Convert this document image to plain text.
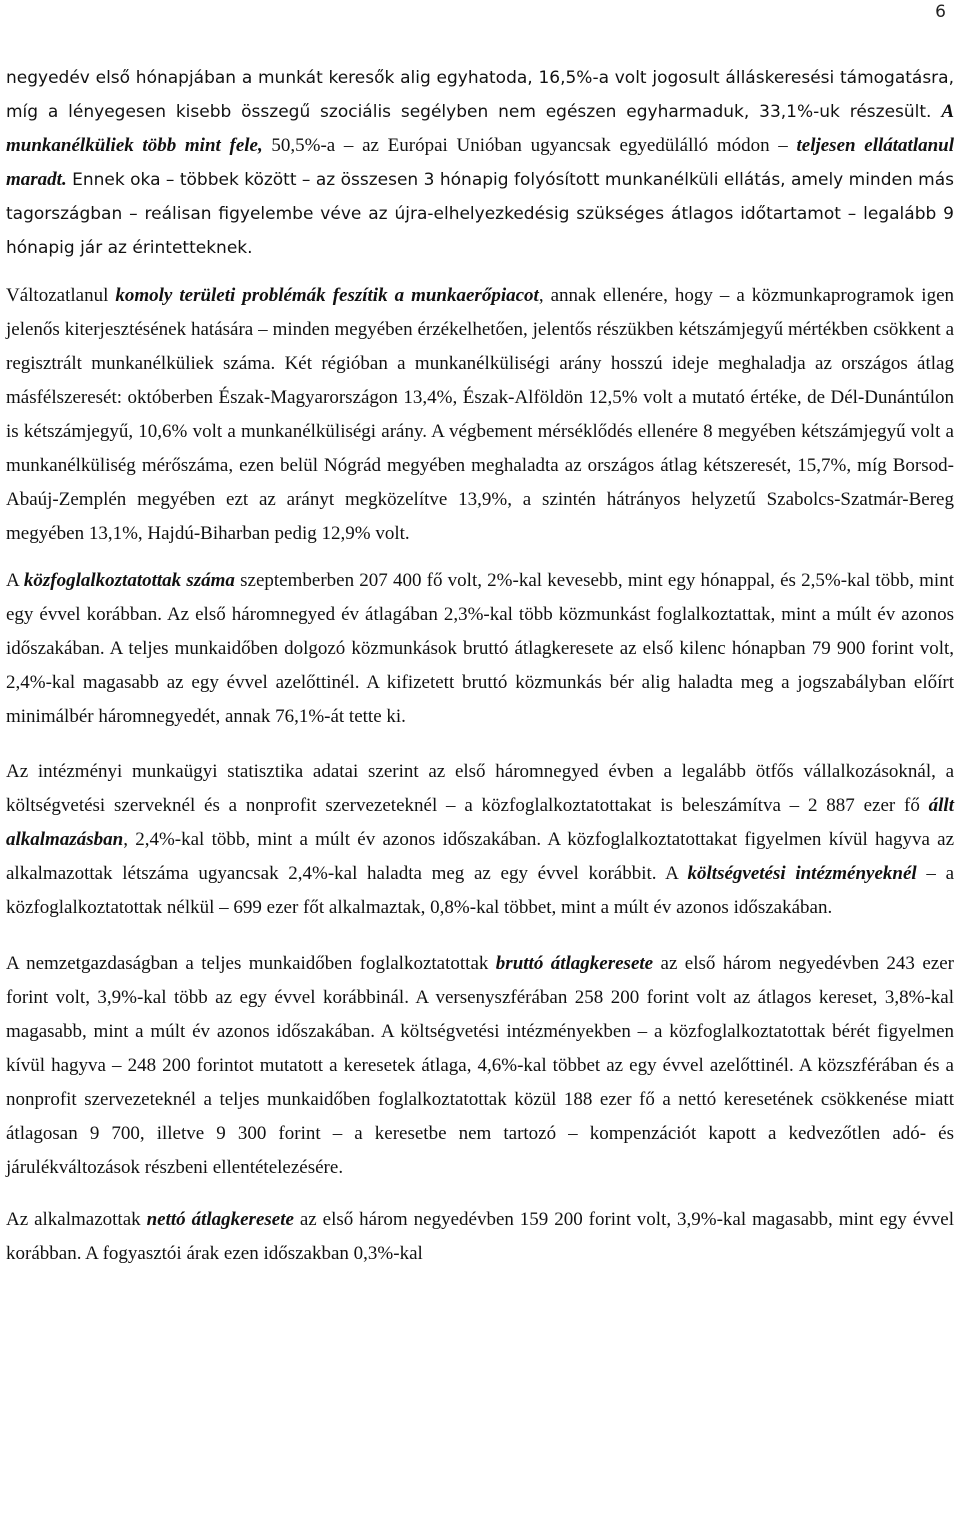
6

negyedév első hónapjában a munkát keresők alig egyhatoda, 16,5%-a volt jogosult álláskeresési támogatásra, míg a lényegesen kisebb összegű szociális segélyben nem egészen egyharmaduk, 33,1%-uk részesült. A munkanélküliek több mint fele, 50,5%-a – az Európai Unióban ugyancsak egyedülálló módon – teljesen ellátatlanul maradt. Ennek oka – többek között – az összesen 3 hónapig folyósított munkanélküli ellátás, amely minden más tagországban – reálisan figyelembe véve az újra-elhelyezkedésig szükséges átlagos időtartamot – legalább 9 hónapig jár az érintetteknek.

Változatlanul komoly területi problémák feszítik a munkaerőpiacot, annak ellenére, hogy – a közmunkaprogramok igen jelenős kiterjesztésének hatására – minden megyében érzékelhetően, jelentős részükben kétszámjegyű mértékben csökkent a regisztrált munkanélküliek száma. Két régióban a munkanélküliségi arány hosszú ideje meghaladja az országos átlag másfélszeresét: októberben Észak-Magyarországon 13,4%, Észak-Alföldön 12,5% volt a mutató értéke, de Dél-Dunántúlon is kétszámjegyű, 10,6% volt a munkanélküliségi arány. A végbement mérséklődés ellenére 8 megyében kétszámjegyű volt a munkanélküliség mérőszáma, ezen belül Nógrád megyében meghaladta az országos átlag kétszeresét, 15,7%, míg Borsod-Abaúj-Zemplén megyében ezt az arányt megközelítve 13,9%, a szintén hátrányos helyzetű Szabolcs-Szatmár-Bereg megyében 13,1%, Hajdú-Biharban pedig 12,9% volt.

A közfoglalkoztatottak száma szeptemberben 207 400 fő volt, 2%-kal kevesebb, mint egy hónappal, és 2,5%-kal több, mint egy évvel korábban. Az első háromnegyed év átlagában 2,3%-kal több közmunkást foglalkoztattak, mint a múlt év azonos időszakában. A teljes munkaidőben dolgozó közmunkások bruttó átlagkeresete az első kilenc hónapban 79 900 forint volt, 2,4%-kal magasabb az egy évvel azelőttinél. A kifizetett bruttó közmunkás bér alig haladta meg a jogszabályban előírt minimálbér háromnegyedét, annak 76,1%-át tette ki.

Az intézményi munkaügyi statisztika adatai szerint az első háromnegyed évben a legalább ötfős vállalkozásoknál, a költségvetési szerveknél és a nonprofit szervezeteknél – a közfoglalkoztatottakat is beleszámítva – 2 887 ezer fő állt alkalmazásban, 2,4%-kal több, mint a múlt év azonos időszakában. A közfoglalkoztatottakat figyelmen kívül hagyva az alkalmazottak létszáma ugyancsak 2,4%-kal haladta meg az egy évvel korábbit. A költségvetési intézményeknél – a közfoglalkoztatottak nélkül – 699 ezer főt alkalmaztak, 0,8%-kal többet, mint a múlt év azonos időszakában.

A nemzetgazdaságban a teljes munkaidőben foglalkoztatottak bruttó átlagkeresete az első három negyedévben 243 ezer forint volt, 3,9%-kal több az egy évvel korábbinál. A versenyszférában 258 200 forint volt az átlagos kereset, 3,8%-kal magasabb, mint a múlt év azonos időszakában. A költségvetési intézményekben – a közfoglalkoztatottak bérét figyelmen kívül hagyva – 248 200 forintot mutatott a keresetek átlaga, 4,6%-kal többet az egy évvel azelőttinél. A közszférában és a nonprofit szervezeteknél a teljes munkaidőben foglalkoztatottak közül 188 ezer fő a nettó keresetének csökkenése miatt átlagosan 9 700, illetve 9 300 forint – a keresetbe nem tartozó – kompenzációt kapott a kedvezőtlen adó- és járulékváltozások részbeni ellentételezésére.

Az alkalmazottak nettó átlagkeresete az első három negyedévben 159 200 forint volt, 3,9%-kal magasabb, mint egy évvel korábban. A fogyasztói árak ezen időszakban 0,3%-kal
